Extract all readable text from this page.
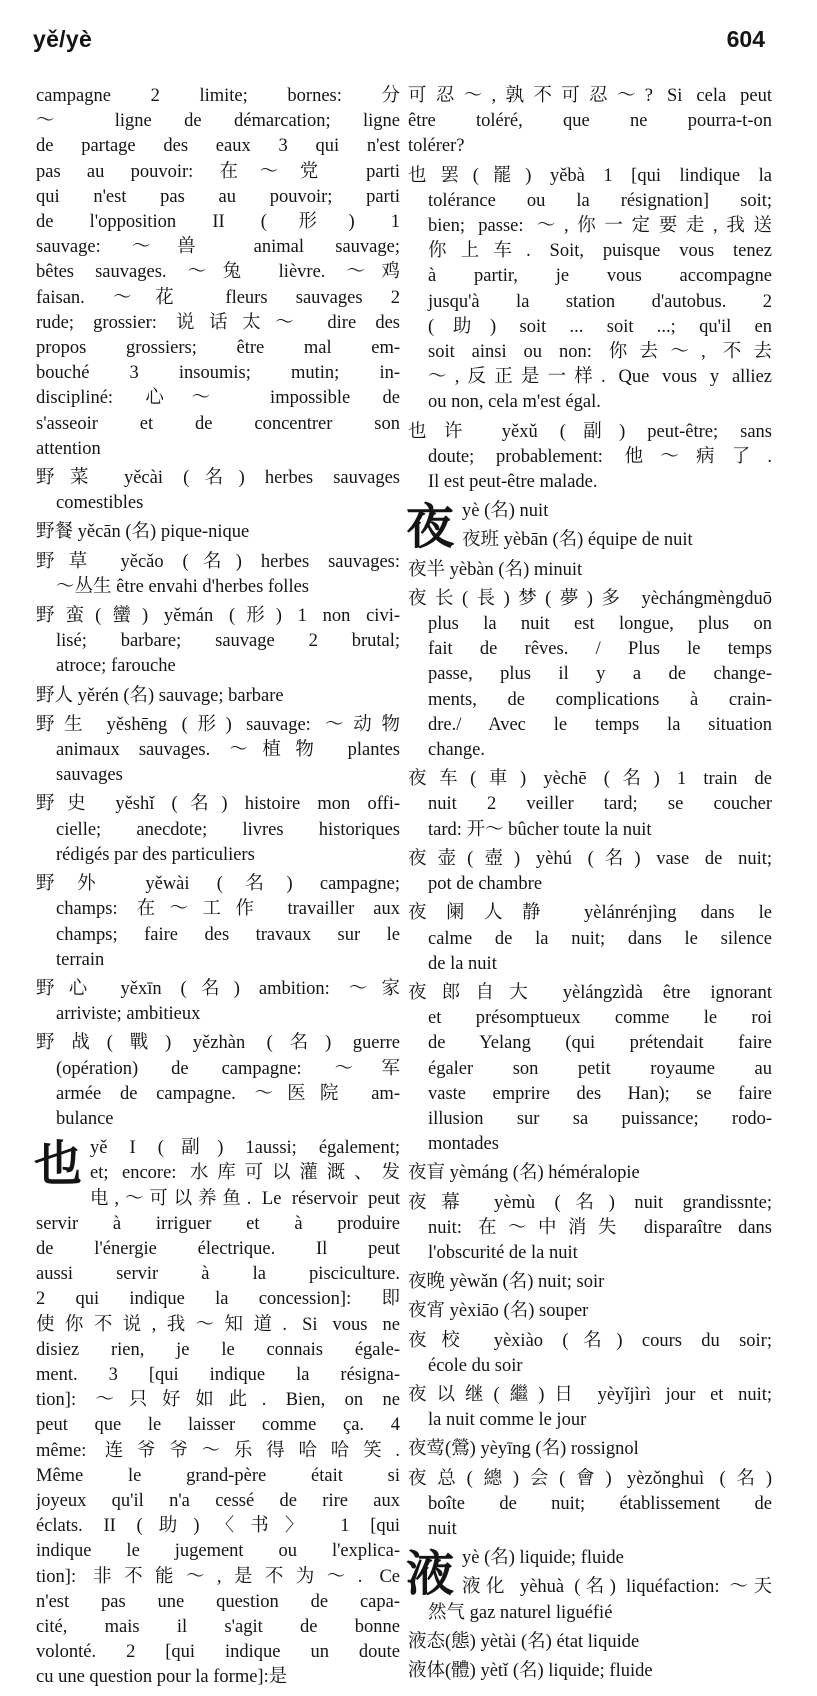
yě/yè	604
campagne 2 limite; bornes: 分
～ ligne de démarcation; ligne
de partage des eaux 3 qui n'est
pas au pouvoir: 在～党 parti
qui n'est pas au pouvoir; parti
de l'opposition II (形) 1
sauvage: ～兽 animal sauvage;
bêtes sauvages. ～兔 lièvre. ～鸡
faisan. ～花 fleurs sauvages 2
rude; grossier: 说话太～ dire des
propos grossiers; être mal em-
bouché 3 insoumis; mutin; in-
discipliné: 心～ impossible de
s'asseoir et de concentrer son
attention
野菜 yěcài (名) herbes sauvages
comestibles
野餐 yěcān (名) pique-nique
野草 yěcǎo (名) herbes sauvages:
～丛生 être envahi d'herbes folles
野蛮(蠻) yěmán (形) 1 non civi-
lisé; barbare; sauvage 2 brutal;
atroce; farouche
野人 yěrén (名) sauvage; barbare
野生 yěshēng (形) sauvage: ～动物
animaux sauvages. ～植物 plantes
sauvages
野史 yěshǐ (名) histoire mon offi-
cielle; anecdote; livres historiques
rédigés par des particuliers
野外 yěwài (名) campagne;
champs: 在～工作 travailler aux
champs; faire des travaux sur le
terrain
野心 yěxīn (名) ambition: ～家
arriviste; ambitieux
野战(戰) yězhàn (名) guerre
(opération) de campagne: ～军
armée de campagne. ～医院 am-
bulance
也 yě I (副) 1aussi; également;
et; encore: 水库可以灌溉、发
电,～可以养鱼. Le réservoir peut
servir à irriguer et à produire
de l'énergie électrique. Il peut
aussi servir à la pisciculture.
2 qui indique la concession]: 即
使你不说,我～知道. Si vous ne
disiez rien, je le connais égale-
ment. 3 [qui indique la résigna-
tion]: ～只好如此. Bien, on ne
peut que le laisser comme ça. 4
même: 连爷爷～乐得哈哈笑.
Même le grand-père était si
joyeux qu'il n'a cessé de rire aux
éclats. II (助)〈书〉 1 [qui
indique le jugement ou l'explica-
tion]: 非不能～,是不为～. Ce
n'est pas une question de capa-
cité, mais il s'agit de bonne
volonté. 2 [qui indique un doute
cu une question pour la forme]:是
可忍～,孰不可忍～? Si cela peut
être toléré, que ne pourra-t-on
tolérer?
也罢(罷) yěbà 1 [qui lindique la
tolérance ou la résignation] soit;
bien; passe: ～,你一定要走,我送
你上车. Soit, puisque vous tenez
à partir, je vous accompagne
jusqu'à la station d'autobus. 2
(助) soit ... soit ...; qu'il en
soit ainsi ou non: 你去～, 不去
～,反正是一样. Que vous y alliez
ou non, cela m'est égal.
也许 yěxǔ (副) peut-être; sans
doute; probablement: 他～病了.
Il est peut-être malade.
夜 yè (名) nuit
夜班 yèbān (名) équipe de nuit
夜半 yèbàn (名) minuit
夜长(長)梦(夢)多 yèchángmèngduō
plus la nuit est longue, plus on
fait de rêves. / Plus le temps
passe, plus il y a de change-
ments, de complications à crain-
dre./ Avec le temps la situation
change.
夜车(車) yèchē (名) 1 train de
nuit 2 veiller tard; se coucher
tard: 开～ bûcher toute la nuit
夜壶(壺) yèhú (名) vase de nuit;
pot de chambre
夜阑人静 yèlánrénjìng dans le
calme de la nuit; dans le silence
de la nuit
夜郎自大 yèlángzìdà être ignorant
et présomptueux comme le roi
de Yelang (qui prétendait faire
égaler son petit royaume au
vaste emprire des Han); se faire
illusion sur sa puissance; rodo-
montades
夜盲 yèmáng (名) héméralopie
夜幕 yèmù (名) nuit grandissnte;
nuit: 在～中消失 disparaître dans
l'obscurité de la nuit
夜晚 yèwǎn (名) nuit; soir
夜宵 yèxiāo (名) souper
夜校 yèxiào (名) cours du soir;
école du soir
夜以继(繼)日 yèyǐjìrì jour et nuit;
la nuit comme le jour
夜莺(鶯) yèyīng (名) rossignol
夜总(總)会(會) yèzǒnghuì (名)
boîte de nuit; établissement de
nuit
液 yè (名) liquide; fluide
液化 yèhuà (名) liquéfaction: ～天
然气 gaz naturel liguéfié
液态(態) yètài (名) état liquide
液体(體) yètǐ (名) liquide; fluide
